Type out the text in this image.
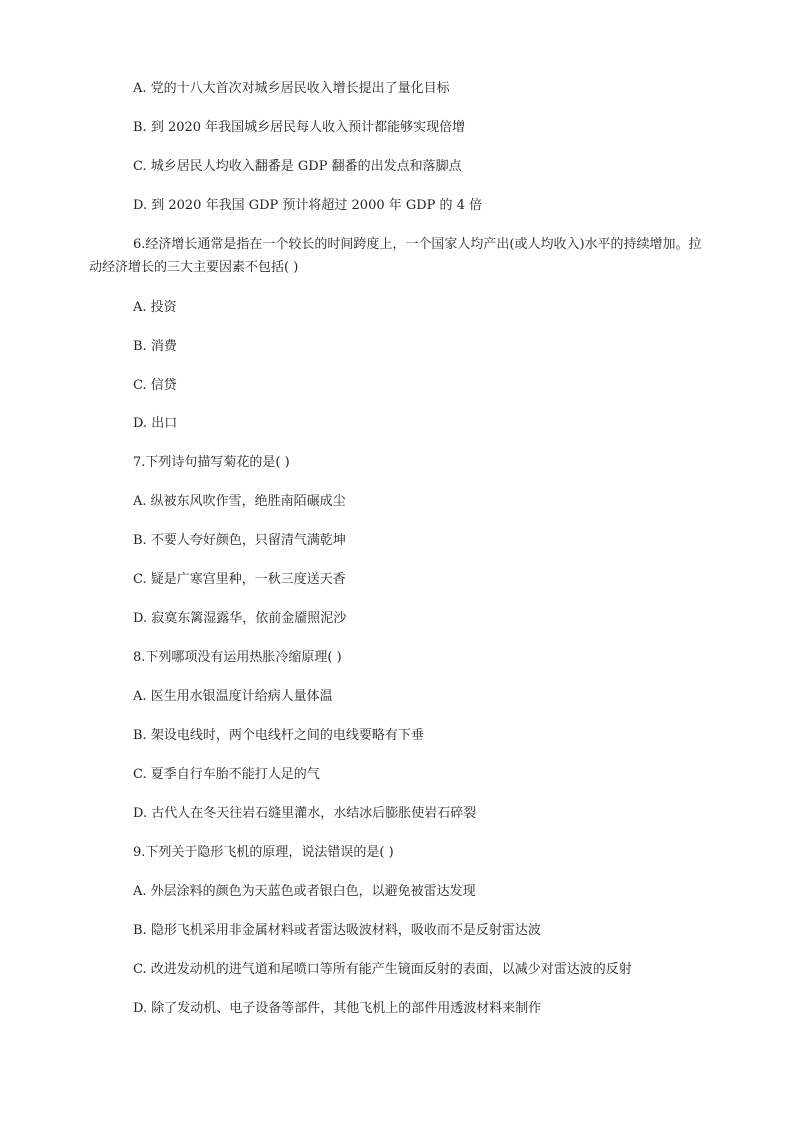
A. 党的十八大首次对城乡居民收入增长提出了量化目标
B. 到 2020 年我国城乡居民每人收入预计都能够实现倍增
C. 城乡居民人均收入翻番是 GDP 翻番的出发点和落脚点
D. 到 2020 年我国 GDP 预计将超过 2000 年 GDP 的 4 倍
6.经济增长通常是指在一个较长的时间跨度上，一个国家人均产出(或人均收入)水平的持续增加。拉动经济增长的三大主要因素不包括( )
A. 投资
B. 消费
C. 信贷
D. 出口
7.下列诗句描写菊花的是( )
A. 纵被东风吹作雪，绝胜南陌碾成尘
B. 不要人夸好颜色，只留清气满乾坤
C. 疑是广寒宫里种，一秋三度送天香
D. 寂寞东篱湿露华，依前金靥照泥沙
8.下列哪项没有运用热胀冷缩原理( )
A. 医生用水银温度计给病人量体温
B. 架设电线时，两个电线杆之间的电线要略有下垂
C. 夏季自行车胎不能打人足的气
D. 古代人在冬天往岩石缝里灌水，水结冰后膨胀使岩石碎裂
9.下列关于隐形飞机的原理，说法错误的是( )
A. 外层涂料的颜色为天蓝色或者银白色，以避免被雷达发现
B. 隐形飞机采用非金属材料或者雷达吸波材料，吸收而不是反射雷达波
C. 改进发动机的进气道和尾喷口等所有能产生镜面反射的表面，以减少对雷达波的反射
D. 除了发动机、电子设备等部件，其他飞机上的部件用透波材料来制作
